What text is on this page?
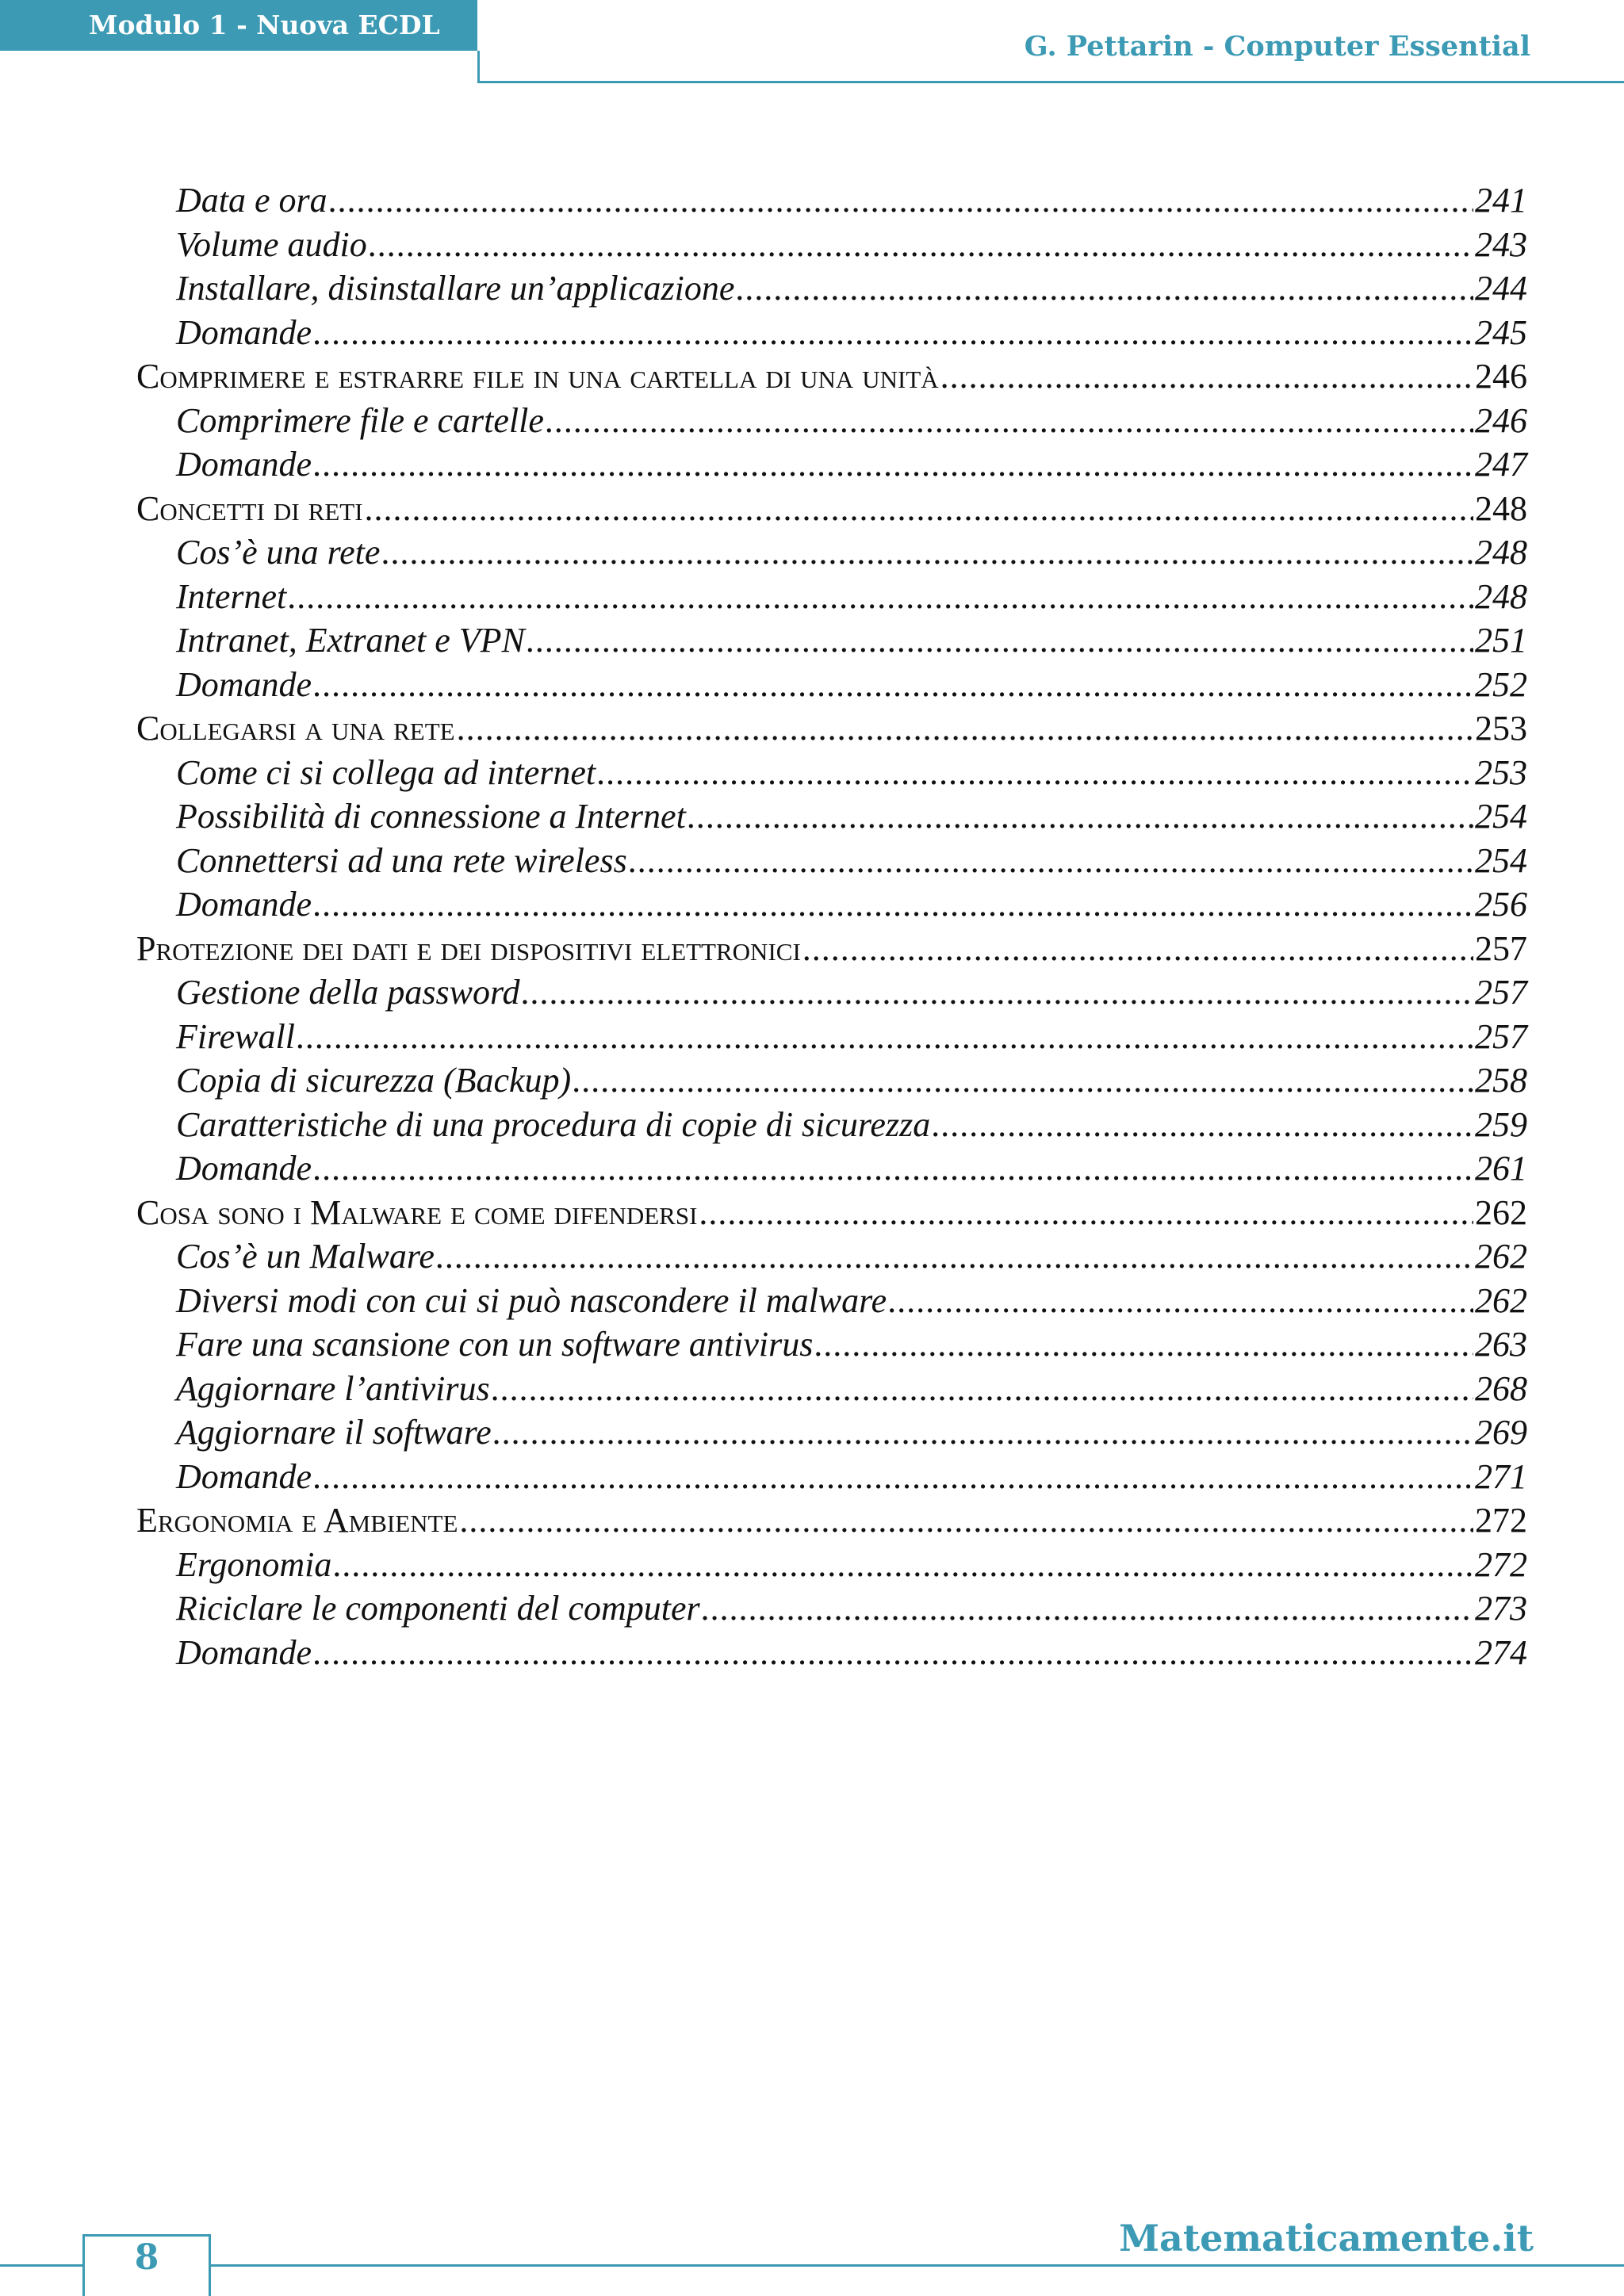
Modulo 1 - Nuova ECDL
G. Pettarin - Computer Essential
Data e ora .....	241
Volume audio .....	243
Installare, disinstallare un’applicazione .....	244
Domande .....	245
Comprimere e estrarre file in una cartella di una unità .....	246
Comprimere file e cartelle .....	246
Domande .....	247
Concetti di reti .....	248
Cos’è una rete .....	248
Internet .....	248
Intranet, Extranet e VPN .....	251
Domande .....	252
Collegarsi a una rete .....	253
Come ci si collega ad internet .....	253
Possibilità di connessione a Internet .....	254
Connettersi ad una rete wireless .....	254
Domande .....	256
Protezione dei dati e dei dispositivi elettronici .....	257
Gestione della password .....	257
Firewall .....	257
Copia di sicurezza (Backup) .....	258
Caratteristiche di una procedura di copie di sicurezza .....	259
Domande .....	261
Cosa sono i Malware e come difendersi .....	262
Cos’è un Malware .....	262
Diversi modi con cui si può nascondere il malware .....	262
Fare una scansione con un software antivirus .....	263
Aggiornare l’antivirus .....	268
Aggiornare il software .....	269
Domande .....	271
Ergonomia e Ambiente .....	272
Ergonomia .....	272
Riciclare le componenti del computer .....	273
Domande .....	274
Matematicamente.it
8
